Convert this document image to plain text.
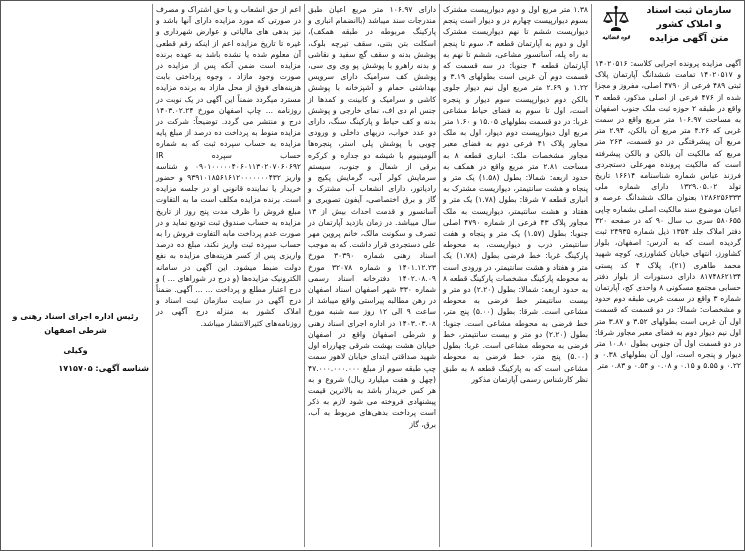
سازمان ثبت اسناد
و املاک کشور
متن آگهی مزایده
قوه قضائیه

آگهی مزایده پرونده اجرایی کلاسه: ۱۴۰۲۰۵۱۶ و ۱۴۰۲۰۵۱۷ تمامت ششدانگ آپارتمان پلاک ثبتی ۴۸۹ فرعی از ۴۷۹۰ اصلی، مفروز و مجزا شده از ۴۷۶ فرعی از اصلی مذکور، قطعه ۳ واقع در طبقه ۲ حوزه ثبت ملک جنوب اصفهان به مساحت ۱۰۶.۹۷ متر مربع واقع در سمت غربی که ۴.۲۶ متر مربع آن بالکن، ۲.۹۴ متر مربع آن پیشرفتگی در دو قسمت، ۲۶۳ متر مربع که مالکیت آن بالکن و بالکن پیشرفته است که مالکیت پرونده مهرعلی دستجردی فرزند عباس شماره شناسنامه ۱۶۶۱۴ تاریخ تولد ۱۳۲۹.۰۵.۰۲ دارای شماره ملی ۱۲۸۶۲۵۶۳۳۳ بعنوان مالک ششدانگ عرصه و اعیان موضوع سند مالکیت اصلی بشماره چاپی ۵۸۰۶۵۵ سری ب سال ۹۰ که در صفحه ۳۲۰ دفتر املاک جلد ۱۳۵۴ ذیل شماره ۲۴۹۳۵ ثبت گردیده است که به آدرس: اصفهان، بلوار کشاورز، انتهای خیابان کشاورزی، کوچه شهید محمد طاهری (۲۱)، پلاک ۴ کد پستی ۸۱۷۴۸۶۲۱۳۴ دارای دستورات از بلوار دفتر حسابی مجتمع مسکونی ۸ واحدی کج، آپارتمان شماره ۳ واقع در سمت غربی طبقه دوم حدود و مشخصات: شمالا: در دو قسمت که قسمت اول آن غربی است بطولهای ۳.۵۲ و ۳.۸۷ متر اول نیم دیوار دوم به فضای معبر مجاور شرقا: در دو قسمت اول آن جنوبی بطول ۱۰.۸۰ متر دیوار و پنجره است، اول آن بطولهای ۰.۳۸ و ۰.۲۲ و ۵.۵۵ و ۰.۱۵ و ۰.۰۸ و ۰.۵۴ و ۰.۸۳ متر

۱.۳۸ متر مربع اول و دوم دیوارپیست مشترک بسوم دیوارپیست چهارم در و دیوار است پنجم دیواریست ششم تا نهم دیواریست مشترک اول و دوم به آپارتمان قطعه ۴، سوم تا پنجم به راه پله، آسانسور مشاعی، ششم تا نهم به آپارتمان قطعه ۴ جنوبا: در سه قسمت که قسمت دوم آن غربی است بطولهای ۳.۱۹ و ۱.۲۲ و ۲.۶۹ متر مربع اول نیم دیوار جلوی بالکن دوم دیوارپیست سوم دیوار و پنجره است، اول تا سوم به فضای حیاط مشاعی غربا: در دو قسمت بطولهای ۱۵.۰۵ و ۱.۶۰ متر مربع اول دیوارپیست دوم دیوار، اول به ملک مجاور پلاک ۴۱ فرعی دوم به فضای معبر مجاور مشخصات ملک: انباری قطعه ۸ به مساحت ۲.۸۱ متر مربع واقع در همکف به حدود اربعه: شمالا: بطول (۱.۵۸) یک متر و پنجاه و هشت سانتیمتر، دیواریست مشترک به انباری قطعه ۷ شرقا: بطول (۱.۷۸) یک متر و هفتاد و هشت سانتیمتر، دیواریست به ملک مجاور پلاک ۴۳ فرعی از شماره ۴۷۹۰ اصلی جنوبا: بطول (۱.۵۷) یک متر و پنجاه و هفت سانتیمتر، درب و دیواریست، به محوطه پارکینگ غربا: خط فرضی بطول (۱.۷۸) یک متر و هفتاد و هشت سانتیمتر، در ورودی است به محوطه پارکینگ مشخصات پارکینگ قطعه ۸ به حدود اربعه: شمالا: بطول (۲.۲۰) دو متر و بیست سانتیمتر خط فرضی به محوطه مشاعی است. شرقا: بطول (۵.۰۰) پنج متر، خط فرضی به محوطه مشاعی است. جنوبا: بطول (۲.۲۰) دو متر و بیست سانتیمتر، خط فرضی به محوطه مشاعی است. غربا: بطول (۵.۰۰) پنج متر، خط فرضی به محوطه مشاعی است که به پارکینگ قطعه ۸ به طبق نظر کارشناس رسمی آپارتمان مذکور

دارای ۱۰۶.۹۷ متر مربع اعیان طبق مندرجات سند میباشد (باانضمام انباری و پارکینگ مربوطه در طبقه همکف)، اسکلت بتن بتنی، سقف تیرچه بلوک، پوشش بدنه و سقف گچ سفید و نقاشی و بدنه راهرو با پوشش پو وی وی سی، پوشش کف سرامیک دارای سرویس بهداشتی حمام و آشپزخانه با پوشش کاشی و سرامیک و کابینت و کمدها از جنس ام دی اف، نمای خارجی و پوشش بدنه و کف حیاط و پارکینگ سنگ، دارای دو عدد خواب، دربهای داخلی و ورودی چوبی با پوشش پلی استر، پنجره‌ها آلومینیوم با شیشه دو جداره و کرکره برقی از شمال و جنوب، سیستم سرمایش کولر آبی، گرمایش پکیج و رادیاتور، دارای انشعاب آب مشترک و گاز و برق اختصاصی، آیفون تصویری و آسانسور و قدمت احداث بیش از ۱۳ سال میباشد. در زمان بازدید آپارتمان در تصرف و سکونت مالک، خانم پروین مهر علی دستجردی قرار داشت. که به موجب اسناد رهنی شماره ۳۰۳۹۰ مورخ ۱۴۰۱.۱۲.۲۳ و شماره ۳۲۰۷۸ مورخ ۱۴۰۲.۰۸.۰۹ دفترخانه اسناد رسمی شماره ۳۳۰ شهر اصفهان اسناد اصفهان در رهن مطالبه پیراستی واقع میباشد از ساعت ۹ الی ۱۲ روز سه شنبه مورخ ۱۴۰۳.۰۳.۰۸ در اداره اجرای اسناد رهنی و شرطی اصفهان واقع در اصفهان خیابان هشت بهشت شرقی چهارراه اول شهید صداقتی ابتدای خیابان لاهور سمت چپ طبقه سوم از مبلغ ۴۷.۰۰۰.۰۰۰.۰۰۰ (چهل و هفت میلیارد ریال) شروع و به هر کس خریدار باشد به بالاترین قیمت پیشنهادی فروخته می شود لازم به ذکر است پرداخت بدهی‌های مربوط به آب، برق، گاز

اعم از حق انشعاب و یا حق اشتراک و مصرف در صورتی که مورد مزایده دارای آنها باشد و نیز بدهی های مالیاتی و عوارض شهرداری و غیره تا تاریخ مزایده اعم از اینکه رقم قطعی آن معلوم شده یا نشده باشد به عهده برنده مزایده است ضمن آنکه پس از مزایده در صورت وجود مازاد ، وجوه پرداختی بابت هزینه‌های فوق از محل مازاد به برنده مزایده مسترد میگردد ضمناً این آگهی در یک نوبت در روزنامه ... چاپ اصفهان مورخ ۱۴۰۳.۰۲.۲۴ درج و منتشر می گردد. توضیحاً: شرکت در مزایده منوط به پرداخت ده درصد از مبلغ پایه مزایده به حساب سپرده ثبت که به شماره حساب سپرده IR ۰۹۰۱۰۰۰۰۰۴۰۶۰۱۱۳۰۲۰۷۰۶۰۶۹۲ و شناسه واریز ۹۳۹۱۰۱۸۵۶۱۶۱۲۰۰۰۰۰۰۰۴۳۲ و حضور خریدار یا نماینده قانونی او در جلسه مزایده است. برنده مزایده مکلف است ما به التفاوت مبلغ فروش را ظرف مدت پنج روز از تاریخ مزایده به حساب صندوق ثبت تودیع نماید و در صورت عدم پرداخت مابه التفاوت فروش را به حساب سپرده ثبت واریز نکند، مبلغ ده درصد واریزی پس از کسر هزینه‌های مزایده به نفع دولت ضبط میشود. این آگهی در سامانه الکترونیک مزایده‌ها (و درج در شوراهای ... ) و درج اعتبار مطلع و پرداخت ... ... آگهی. ضمناً درج آگهی در سایت سازمان ثبت اسناد و املاک کشور به منزله درج آگهی در روزنامه‌های کثیرالانتشار میباشد.

رئیس اداره اجرای اسناد رهنی و شرطی اصفهان
وکیلی
شناسه آگهی: ۱۷۱۵۷۰۵
